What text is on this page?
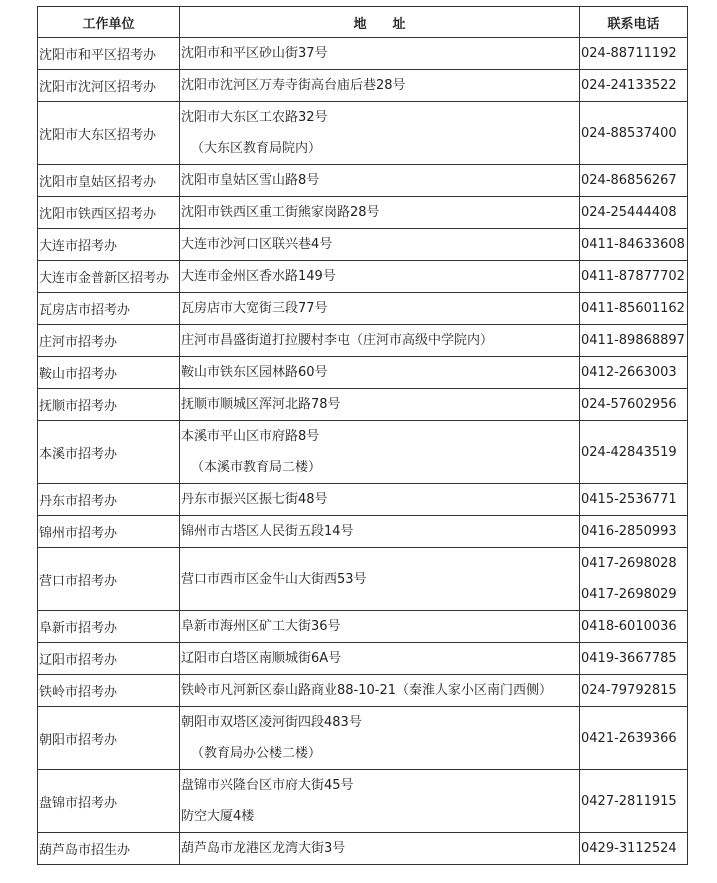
工作单位	地　　址	联系电话
沈阳市和平区招考办	沈阳市和平区砂山街37号	024-88711192

沈阳市沈河区招考办	沈阳市沈河区万寿寺街高台庙后巷28号	024-24133522

沈阳市大东区招考办	沈阳市大东区工农路32号
（大东区教育局院内）	024-88537400

沈阳市皇姑区招考办	沈阳市皇姑区雪山路8号	024-86856267

沈阳市铁西区招考办	沈阳市铁西区重工街熊家岗路28号	024-25444408

大连市招考办	大连市沙河口区联兴巷4号	0411-84633608

大连市金普新区招考办	大连市金州区香水路149号	0411-87877702

瓦房店市招考办	瓦房店市大宽街三段77号	0411-85601162

庄河市招考办	庄河市昌盛街道打拉腰村李屯（庄河市高级中学院内）	0411-89868897

鞍山市招考办	鞍山市铁东区园林路60号	0412-2663003

抚顺市招考办	抚顺市顺城区浑河北路78号	024-57602956

本溪市招考办	本溪市平山区市府路8号
（本溪市教育局二楼）	024-42843519

丹东市招考办	丹东市振兴区振七街48号	0415-2536771

锦州市招考办	锦州市古塔区人民街五段14号	0416-2850993

营口市招考办	营口市西市区金牛山大街西53号	0417-2698028
0417-2698029

阜新市招考办	阜新市海州区矿工大街36号	0418-6010036

辽阳市招考办	辽阳市白塔区南顺城街6A号	0419-3667785

铁岭市招考办	铁岭市凡河新区泰山路商业88-10-21（秦淮人家小区南门西侧）	024-79792815

朝阳市招考办	朝阳市双塔区凌河街四段483号
（教育局办公楼二楼）	0421-2639366

盘锦市招考办	盘锦市兴隆台区市府大街45号
防空大厦4楼	0427-2811915

葫芦岛市招生办	葫芦岛市龙港区龙湾大街3号	0429-3112524
